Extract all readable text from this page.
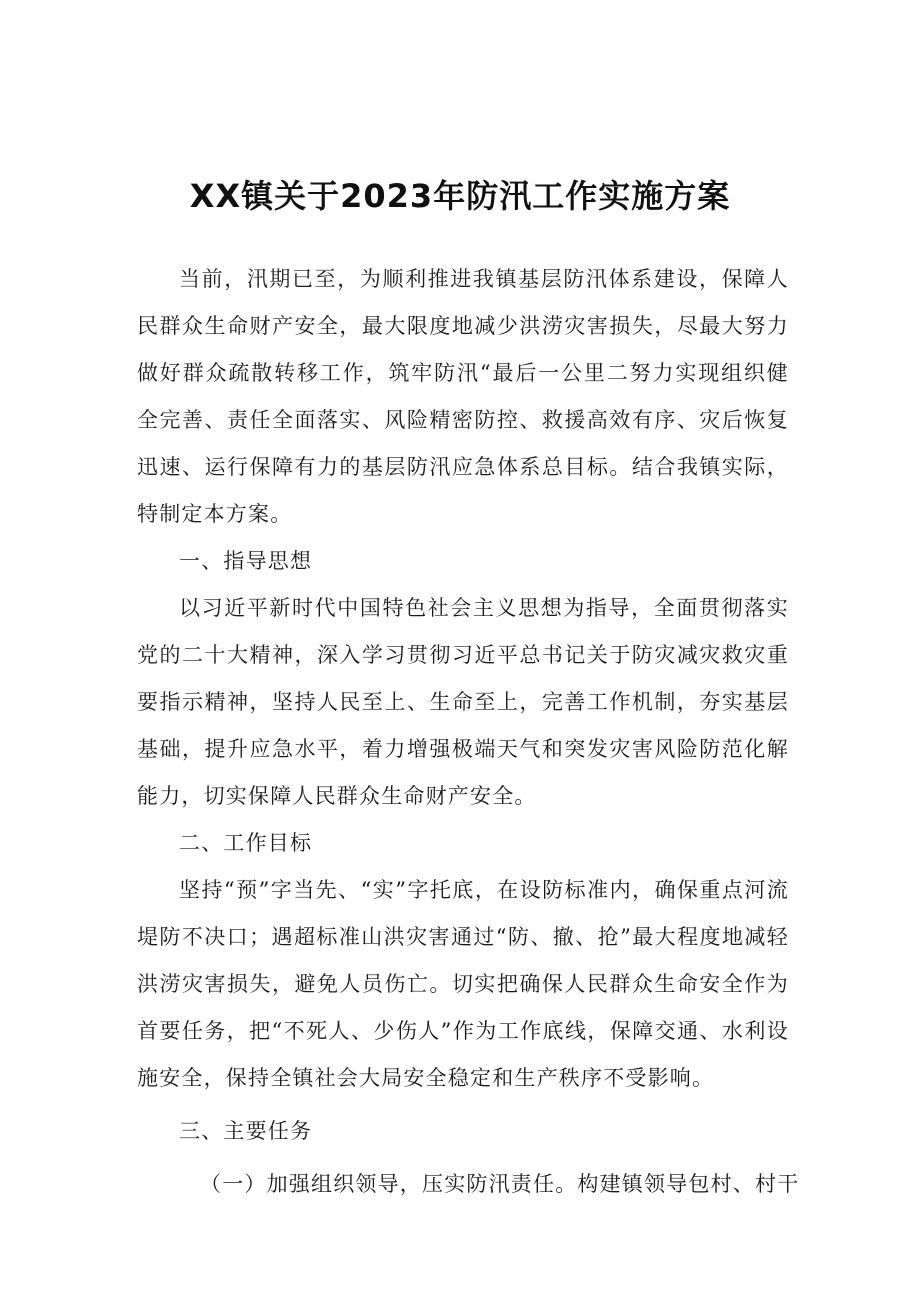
XX镇关于2023年防汛工作实施方案

当前，汛期已至，为顺利推进我镇基层防汛体系建设，保障人民群众生命财产安全，最大限度地减少洪涝灾害损失，尽最大努力做好群众疏散转移工作，筑牢防汛“最后一公里二努力实现组织健全完善、责任全面落实、风险精密防控、救援高效有序、灾后恢复迅速、运行保障有力的基层防汛应急体系总目标。结合我镇实际，特制定本方案。

一、指导思想

以习近平新时代中国特色社会主义思想为指导，全面贯彻落实党的二十大精神，深入学习贯彻习近平总书记关于防灾减灾救灾重要指示精神，坚持人民至上、生命至上，完善工作机制，夯实基层基础，提升应急水平，着力增强极端天气和突发灾害风险防范化解能力，切实保障人民群众生命财产安全。

二、工作目标

坚持“预”字当先、“实”字托底，在设防标准内，确保重点河流堤防不决口；遇超标准山洪灾害通过“防、撤、抢”最大程度地减轻洪涝灾害损失，避免人员伤亡。切实把确保人民群众生命安全作为首要任务，把“不死人、少伤人”作为工作底线，保障交通、水利设施安全，保持全镇社会大局安全稳定和生产秩序不受影响。

三、主要任务

（一）加强组织领导，压实防汛责任。构建镇领导包村、村干
